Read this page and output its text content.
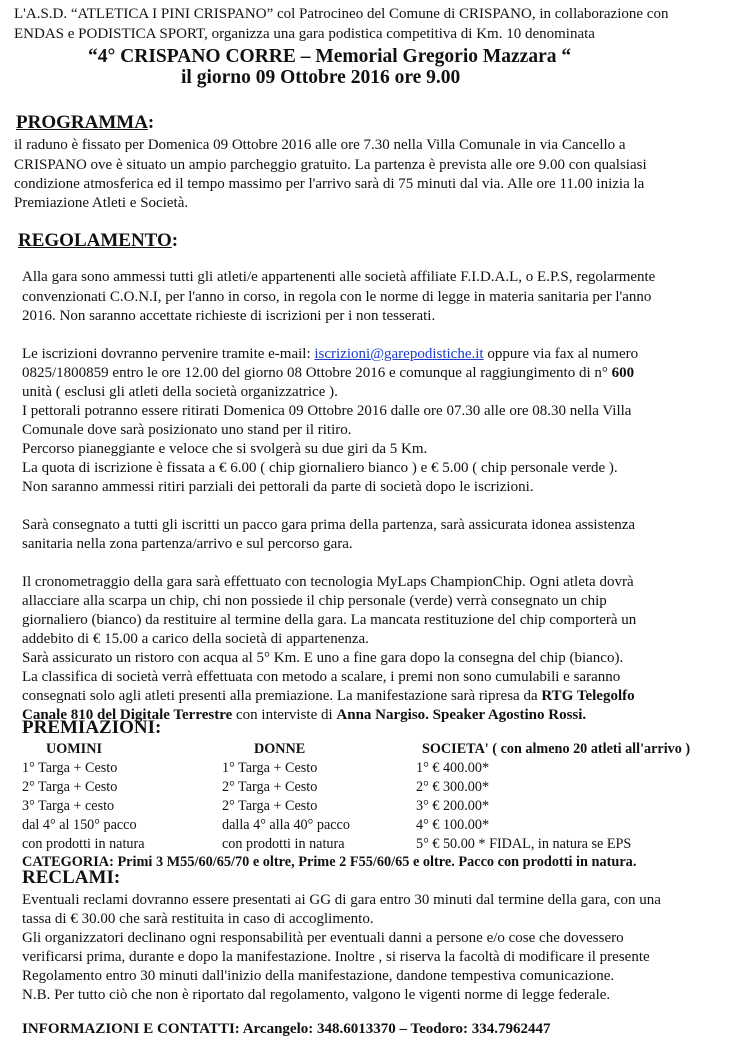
L'A.S.D. “ATLETICA I PINI CRISPANO” col Patrocineo del Comune di CRISPANO, in collaborazione con
ENDAS e PODISTICA SPORT, organizza una gara podistica competitiva di Km. 10 denominata
“4° CRISPANO CORRE – Memorial Gregorio Mazzara “
il giorno 09 Ottobre 2016 ore 9.00
PROGRAMMA:
il raduno è fissato per Domenica 09 Ottobre 2016 alle ore 7.30 nella Villa Comunale in via Cancello a
CRISPANO ove è situato un ampio parcheggio gratuito. La partenza è prevista alle ore 9.00 con qualsiasi
condizione atmosferica ed il tempo massimo per l'arrivo sarà di 75 minuti dal via. Alle ore 11.00 inizia la
Premiazione Atleti e Società.
REGOLAMENTO:
Alla gara sono ammessi tutti gli atleti/e appartenenti alle società affiliate F.I.D.A.L, o E.P.S, regolarmente
convenzionati C.O.N.I, per l'anno in corso, in regola con le norme di legge in materia sanitaria per l'anno
2016. Non saranno accettate richieste di iscrizioni per i non tesserati.
Le iscrizioni dovranno pervenire tramite e-mail: iscrizioni@garepodistiche.it oppure via fax al numero
0825/1800859 entro le ore 12.00 del giorno 08 Ottobre 2016 e comunque al raggiungimento di n° 600
unità ( esclusi gli atleti della società organizzatrice ).
I pettorali potranno essere ritirati Domenica 09 Ottobre 2016 dalle ore 07.30 alle ore 08.30 nella Villa
Comunale dove sarà posizionato uno stand per il ritiro.
Percorso pianeggiante e veloce che si svolgerà su due giri da 5 Km.
La quota di iscrizione è fissata a € 6.00 ( chip giornaliero bianco ) e € 5.00 ( chip personale verde ).
Non saranno ammessi ritiri parziali dei pettorali da parte di società dopo le iscrizioni.
Sarà consegnato a tutti gli iscritti un pacco gara prima della partenza, sarà assicurata idonea assistenza
sanitaria nella zona partenza/arrivo e sul percorso gara.
Il cronometraggio della gara sarà effettuato con tecnologia MyLaps ChampionChip. Ogni atleta dovrà
allacciare alla scarpa un chip, chi non possiede il chip personale (verde) verrà consegnato un chip
giornaliero (bianco) da restituire al termine della gara. La mancata restituzione del chip comporterà un
addebito di € 15.00 a carico della società di appartenenza.
Sarà assicurato un ristoro con acqua al 5° Km. E uno a fine gara dopo la consegna del chip (bianco).
La classifica di società verrà effettuata con metodo a scalare, i premi non sono cumulabili e saranno
consegnati solo agli atleti presenti alla premiazione. La manifestazione sarà ripresa da RTG Telegolfo
Canale 810 del Digitale Terrestre con interviste di Anna Nargiso. Speaker Agostino Rossi.
PREMIAZIONI:
UOMINI	DONNE	SOCIETA' ( con almeno 20 atleti all'arrivo )
1° Targa + Cesto	1° Targa + Cesto	1° € 400.00*
2° Targa + Cesto	2° Targa + Cesto	2° € 300.00*
3° Targa + cesto	2° Targa + Cesto	3° € 200.00*
dal 4° al 150° pacco	dalla 4° alla 40° pacco	4° € 100.00*
con prodotti in natura	con prodotti in natura	5° € 50.00 * FIDAL, in natura se EPS
CATEGORIA: Primi 3 M55/60/65/70 e oltre, Prime 2 F55/60/65 e oltre. Pacco con prodotti in natura.
RECLAMI:
Eventuali reclami dovranno essere presentati ai GG di gara entro 30 minuti dal termine della gara, con una
tassa di € 30.00 che sarà restituita in caso di accoglimento.
Gli organizzatori declinano ogni responsabilità per eventuali danni a persone e/o cose che dovessero
verificarsi prima, durante e dopo la manifestazione. Inoltre , si riserva la facoltà di modificare il presente
Regolamento entro 30 minuti dall'inizio della manifestazione, dandone tempestiva comunicazione.
N.B. Per tutto ciò che non è riportato dal regolamento, valgono le vigenti norme di legge federale.
INFORMAZIONI E CONTATTI: Arcangelo: 348.6013370 – Teodoro: 334.7962447
